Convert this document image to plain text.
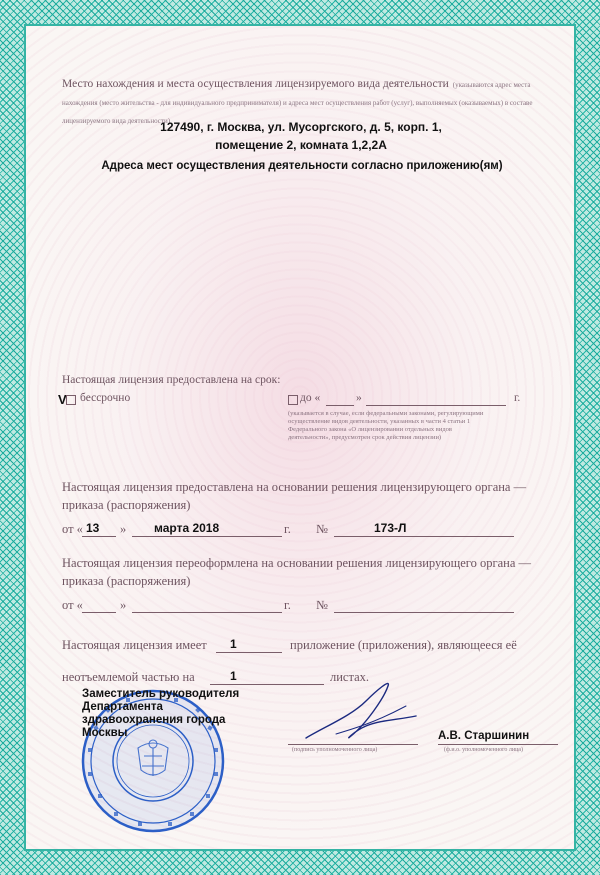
Место нахождения и места осуществления лицензируемого вида деятельности (указываются адрес места нахождения (место жительства - для индивидуального предпринимателя) и адреса мест осуществления работ (услуг), выполняемых (оказываемых) в составе лицензируемого вида деятельности)
127490, г. Москва, ул. Мусоргского, д. 5, корп. 1,
помещение 2, комната 1,2,2А
Адреса мест осуществления деятельности согласно приложению(ям)
Настоящая лицензия предоставлена на срок:
V бессрочно	до «	»	г.
(указывается в случае, если федеральными законами, регулирующими осуществление видов деятельности, указанных в части 4 статьи 1 Федерального закона «О лицензировании отдельных видов деятельности», предусмотрен срок действия лицензии)
Настоящая лицензия предоставлена на основании решения лицензирующего органа — приказа (распоряжения)
от « 13 » марта 2018	г. №	173-Л
Настоящая лицензия переоформлена на основании решения лицензирующего органа — приказа (распоряжения)
от «	»	г. №
Настоящая лицензия имеет 1	приложение (приложения), являющееся её
неотъемлемой частью на	1	листах.
Заместитель руководителя
Департамента
здравоохранения города
Москвы
(подпись уполномоченного лица)
А.В. Старшинин
(ф.и.о. уполномоченного лица)
